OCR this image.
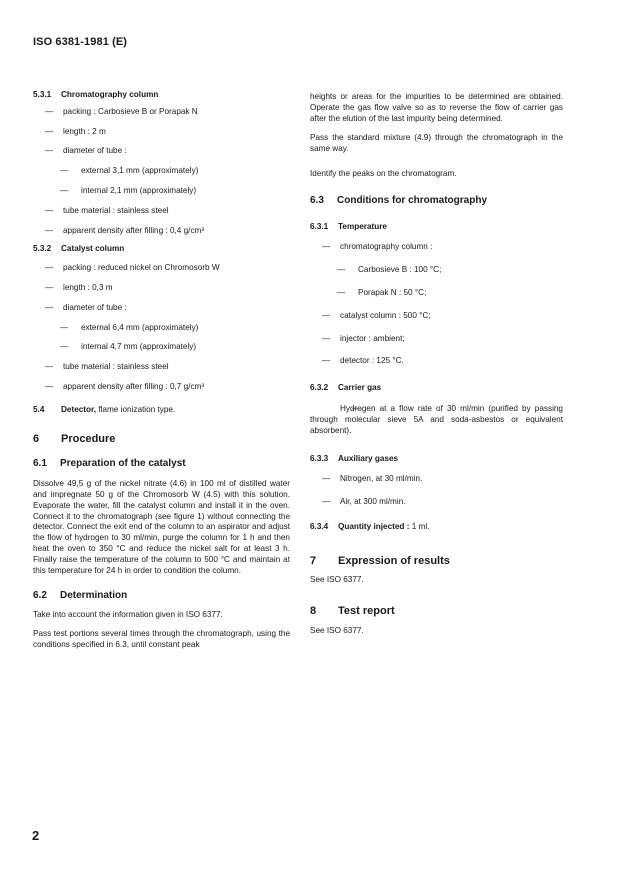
ISO 6381-1981 (E)

5.3.1 Chromatography column

— packing : Carbosieve B or Porapak N

— length : 2 m

— diameter of tube :

— external 3,1 mm (approximately)

— internal 2,1 mm (approximately)

— tube material : stainless steel

— apparent density after filling : 0,4 g/cm³

5.3.2 Catalyst column

— packing : reduced nickel on Chromosorb W

— length : 0,3 m

— diameter of tube :

— external 6,4 mm (approximately)

— internal 4,7 mm (approximately)

— tube material : stainless steel

— apparent density after filling : 0,7 g/cm³

5.4 Detector, flame ionization type.

6 Procedure

6.1 Preparation of the catalyst

Dissolve 49,5 g of the nickel nitrate (4.6) in 100 ml of distilled water and impregnate 50 g of the Chromosorb W (4.5) with this solution. Evaporate the water, fill the catalyst column and install it in the oven. Connect it to the chromatograph (see figure 1) without connecting the detector. Connect the exit end of the column to an aspirator and adjust the flow of hydrogen to 30 ml/min, purge the column for 1 h and then heat the oven to 350 °C and reduce the nickel salt for at least 3 h. Finally raise the temperature of the column to 500 °C and maintain at this temperature for 24 h in order to condition the column.

6.2 Determination

Take into account the information given in ISO 6377.

Pass test portions several times through the chromatograph, using the conditions specified in 6.3, until constant peak

heights or areas for the impurities to be determined are obtained. Operate the gas flow valve so as to reverse the flow of carrier gas after the elution of the last impurity being determined.

Pass the standard mixture (4.9) through the chromatograph in the same way.

Identify the peaks on the chromatogram.

6.3 Conditions for chromatography

6.3.1 Temperature

— chromatography column :

— Carbosieve B : 100 °C;

— Porapak N : 50 °C;

— catalyst column : 500 °C;

— injector : ambient;

— detector : 125 °C.

6.3.2 Carrier gas

— Hydrogen at a flow rate of 30 ml/min (purified by passing through molecular sieve 5A and soda-asbestos or equivalent absorbent).

6.3.3 Auxiliary gases

— Nitrogen, at 30 ml/min.

— Air, at 300 ml/min.

6.3.4 Quantity injected : 1 ml.

7 Expression of results

See ISO 6377.

8 Test report

See ISO 6377.

2
